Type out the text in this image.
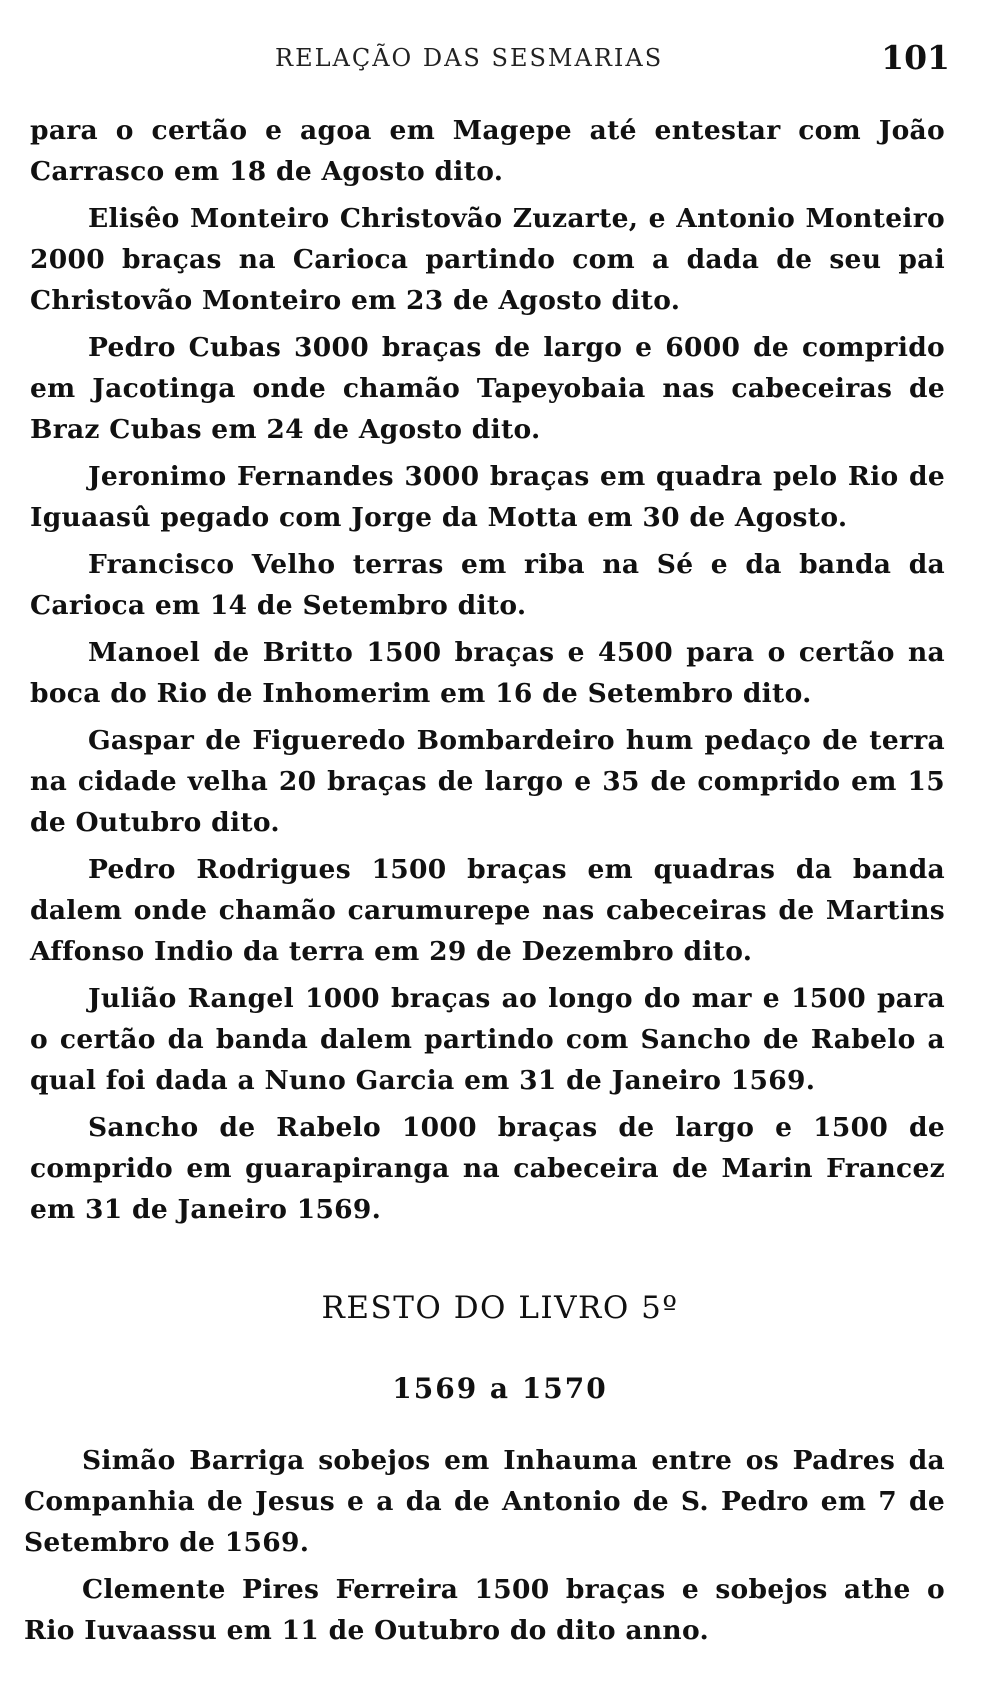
RELAÇÃO DAS SESMARIAS	101

para o certão e agoa em Magepe até entestar com João Carrasco em 18 de Agosto dito.

Elisêo Monteiro Christovão Zuzarte, e Antonio Monteiro 2000 braças na Carioca partindo com a dada de seu pai Christovão Monteiro em 23 de Agosto dito.

Pedro Cubas 3000 braças de largo e 6000 de comprido em Jacotinga onde chamão Tapeyobaia nas cabeceiras de Braz Cubas em 24 de Agosto dito.

Jeronimo Fernandes 3000 braças em quadra pelo Rio de Iguaasû pegado com Jorge da Motta em 30 de Agosto.

Francisco Velho terras em riba na Sé e da banda da Carioca em 14 de Setembro dito.

Manoel de Britto 1500 braças e 4500 para o certão na boca do Rio de Inhomerim em 16 de Setembro dito.

Gaspar de Figueredo Bombardeiro hum pedaço de terra na cidade velha 20 braças de largo e 35 de comprido em 15 de Outubro dito.

Pedro Rodrigues 1500 braças em quadras da banda dalem onde chamão carumurepe nas cabeceiras de Martins Affonso Indio da terra em 29 de Dezembro dito.

Julião Rangel 1000 braças ao longo do mar e 1500 para o certão da banda dalem partindo com Sancho de Rabelo a qual foi dada a Nuno Garcia em 31 de Janeiro 1569.

Sancho de Rabelo 1000 braças de largo e 1500 de comprido em guarapiranga na cabeceira de Marin Francez em 31 de Janeiro 1569.

RESTO DO LIVRO 5º
1569 a 1570

Simão Barriga sobejos em Inhauma entre os Padres da Companhia de Jesus e a da de Antonio de S. Pedro em 7 de Setembro de 1569.

Clemente Pires Ferreira 1500 braças e sobejos athe o Rio Iuvaassu em 11 de Outubro do dito anno.
